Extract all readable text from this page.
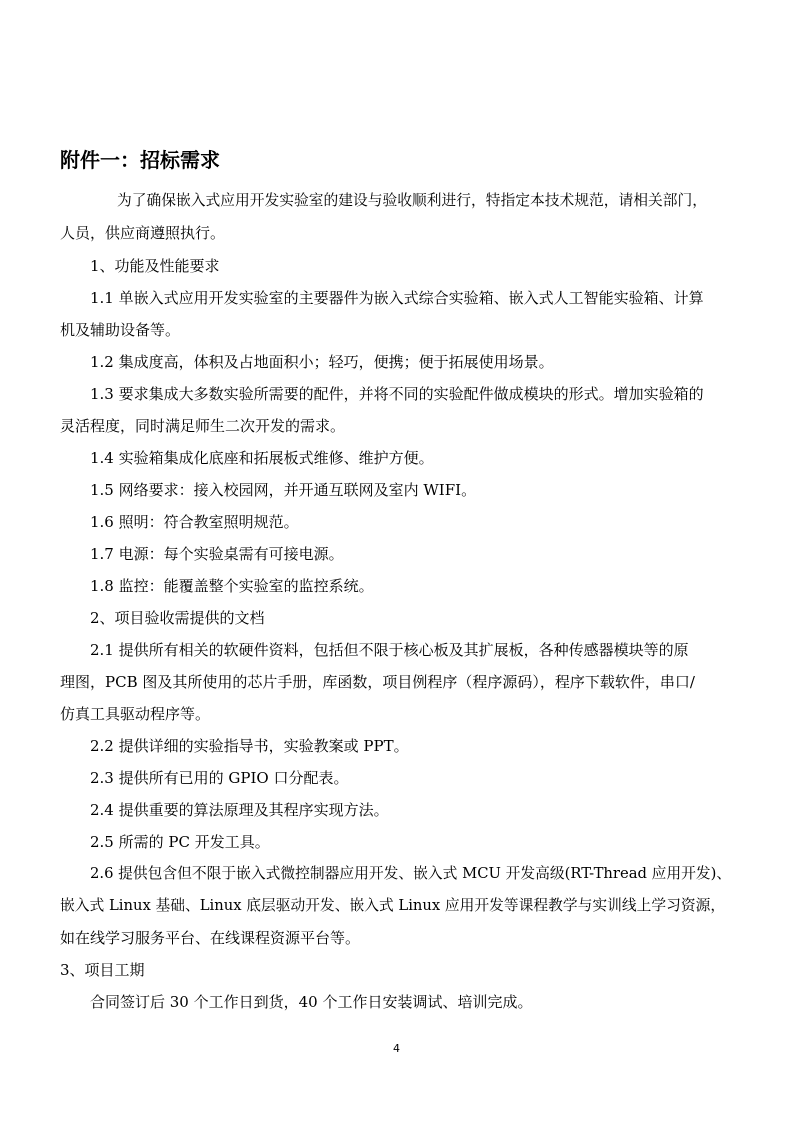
附件一：招标需求

为了确保嵌入式应用开发实验室的建设与验收顺利进行，特指定本技术规范，请相关部门，

人员，供应商遵照执行。

1、功能及性能要求

1.1 单嵌入式应用开发实验室的主要器件为嵌入式综合实验箱、嵌入式人工智能实验箱、计算

机及辅助设备等。

1.2 集成度高，体积及占地面积小；轻巧，便携；便于拓展使用场景。

1.3 要求集成大多数实验所需要的配件，并将不同的实验配件做成模块的形式。增加实验箱的

灵活程度，同时满足师生二次开发的需求。

1.4 实验箱集成化底座和拓展板式维修、维护方便。

1.5 网络要求：接入校园网，并开通互联网及室内 WIFI。

1.6 照明：符合教室照明规范。

1.7 电源：每个实验桌需有可接电源。

1.8 监控：能覆盖整个实验室的监控系统。

2、项目验收需提供的文档

2.1 提供所有相关的软硬件资料，包括但不限于核心板及其扩展板，各种传感器模块等的原

理图，PCB 图及其所使用的芯片手册，库函数，项目例程序（程序源码），程序下载软件，串口/

仿真工具驱动程序等。

2.2 提供详细的实验指导书，实验教案或 PPT。

2.3 提供所有已用的 GPIO 口分配表。

2.4 提供重要的算法原理及其程序实现方法。

2.5 所需的 PC 开发工具。

2.6 提供包含但不限于嵌入式微控制器应用开发、嵌入式 MCU 开发高级(RT-Thread 应用开发)、

嵌入式 Linux 基础、Linux 底层驱动开发、嵌入式 Linux 应用开发等课程教学与实训线上学习资源，

如在线学习服务平台、在线课程资源平台等。

3、项目工期

合同签订后 30 个工作日到货，40 个工作日安装调试、培训完成。

4
